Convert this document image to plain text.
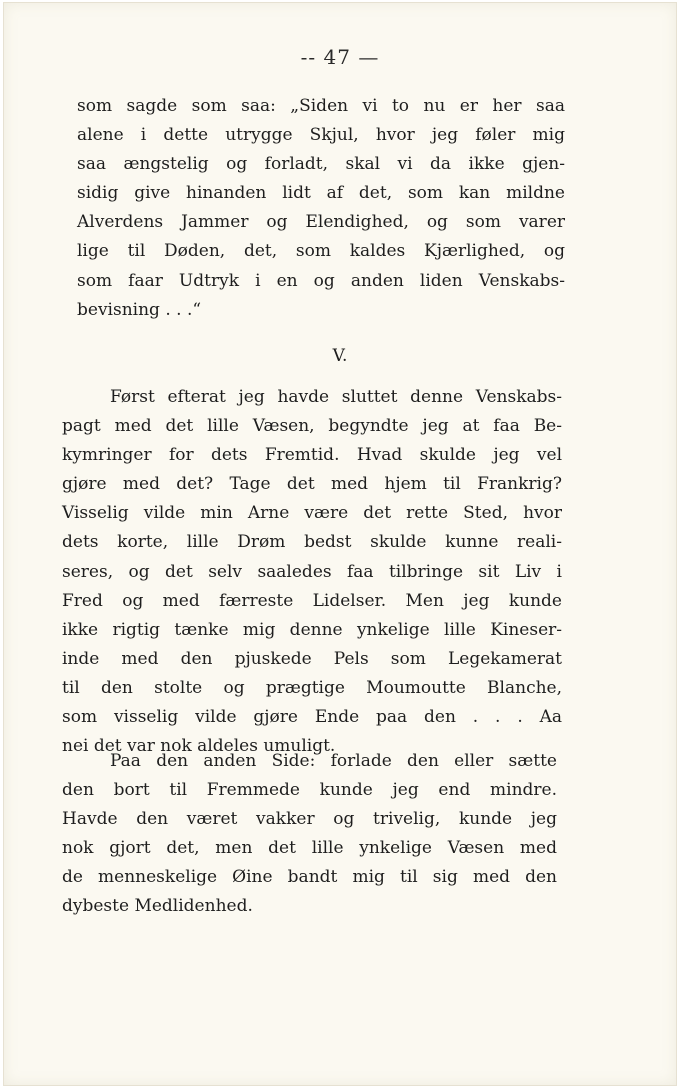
-- 47 —

som sagde som saa: „Siden vi to nu er her saa
alene i dette utrygge Skjul, hvor jeg føler mig
saa ængstelig og forladt, skal vi da ikke gjen-
sidig give hinanden lidt af det, som kan mildne
Alverdens Jammer og Elendighed, og som varer
lige til Døden, det, som kaldes Kjærlighed, og
som faar Udtryk i en og anden liden Venskabs-
bevisning . . .“

V.

Først efterat jeg havde sluttet denne Venskabs-
pagt med det lille Væsen, begyndte jeg at faa Be-
kymringer for dets Fremtid. Hvad skulde jeg vel
gjøre med det? Tage det med hjem til Frankrig?
Visselig vilde min Arne være det rette Sted, hvor
dets korte, lille Drøm bedst skulde kunne reali-
seres, og det selv saaledes faa tilbringe sit Liv i
Fred og med færreste Lidelser. Men jeg kunde
ikke rigtig tænke mig denne ynkelige lille Kineser-
inde med den pjuskede Pels som Legekamerat
til den stolte og prægtige Moumoutte Blanche,
som visselig vilde gjøre Ende paa den . . . Aa
nei det var nok aldeles umuligt.

Paa den anden Side: forlade den eller sætte
den bort til Fremmede kunde jeg end mindre.
Havde den været vakker og trivelig, kunde jeg
nok gjort det, men det lille ynkelige Væsen med
de menneskelige Øine bandt mig til sig med den
dybeste Medlidenhed.
